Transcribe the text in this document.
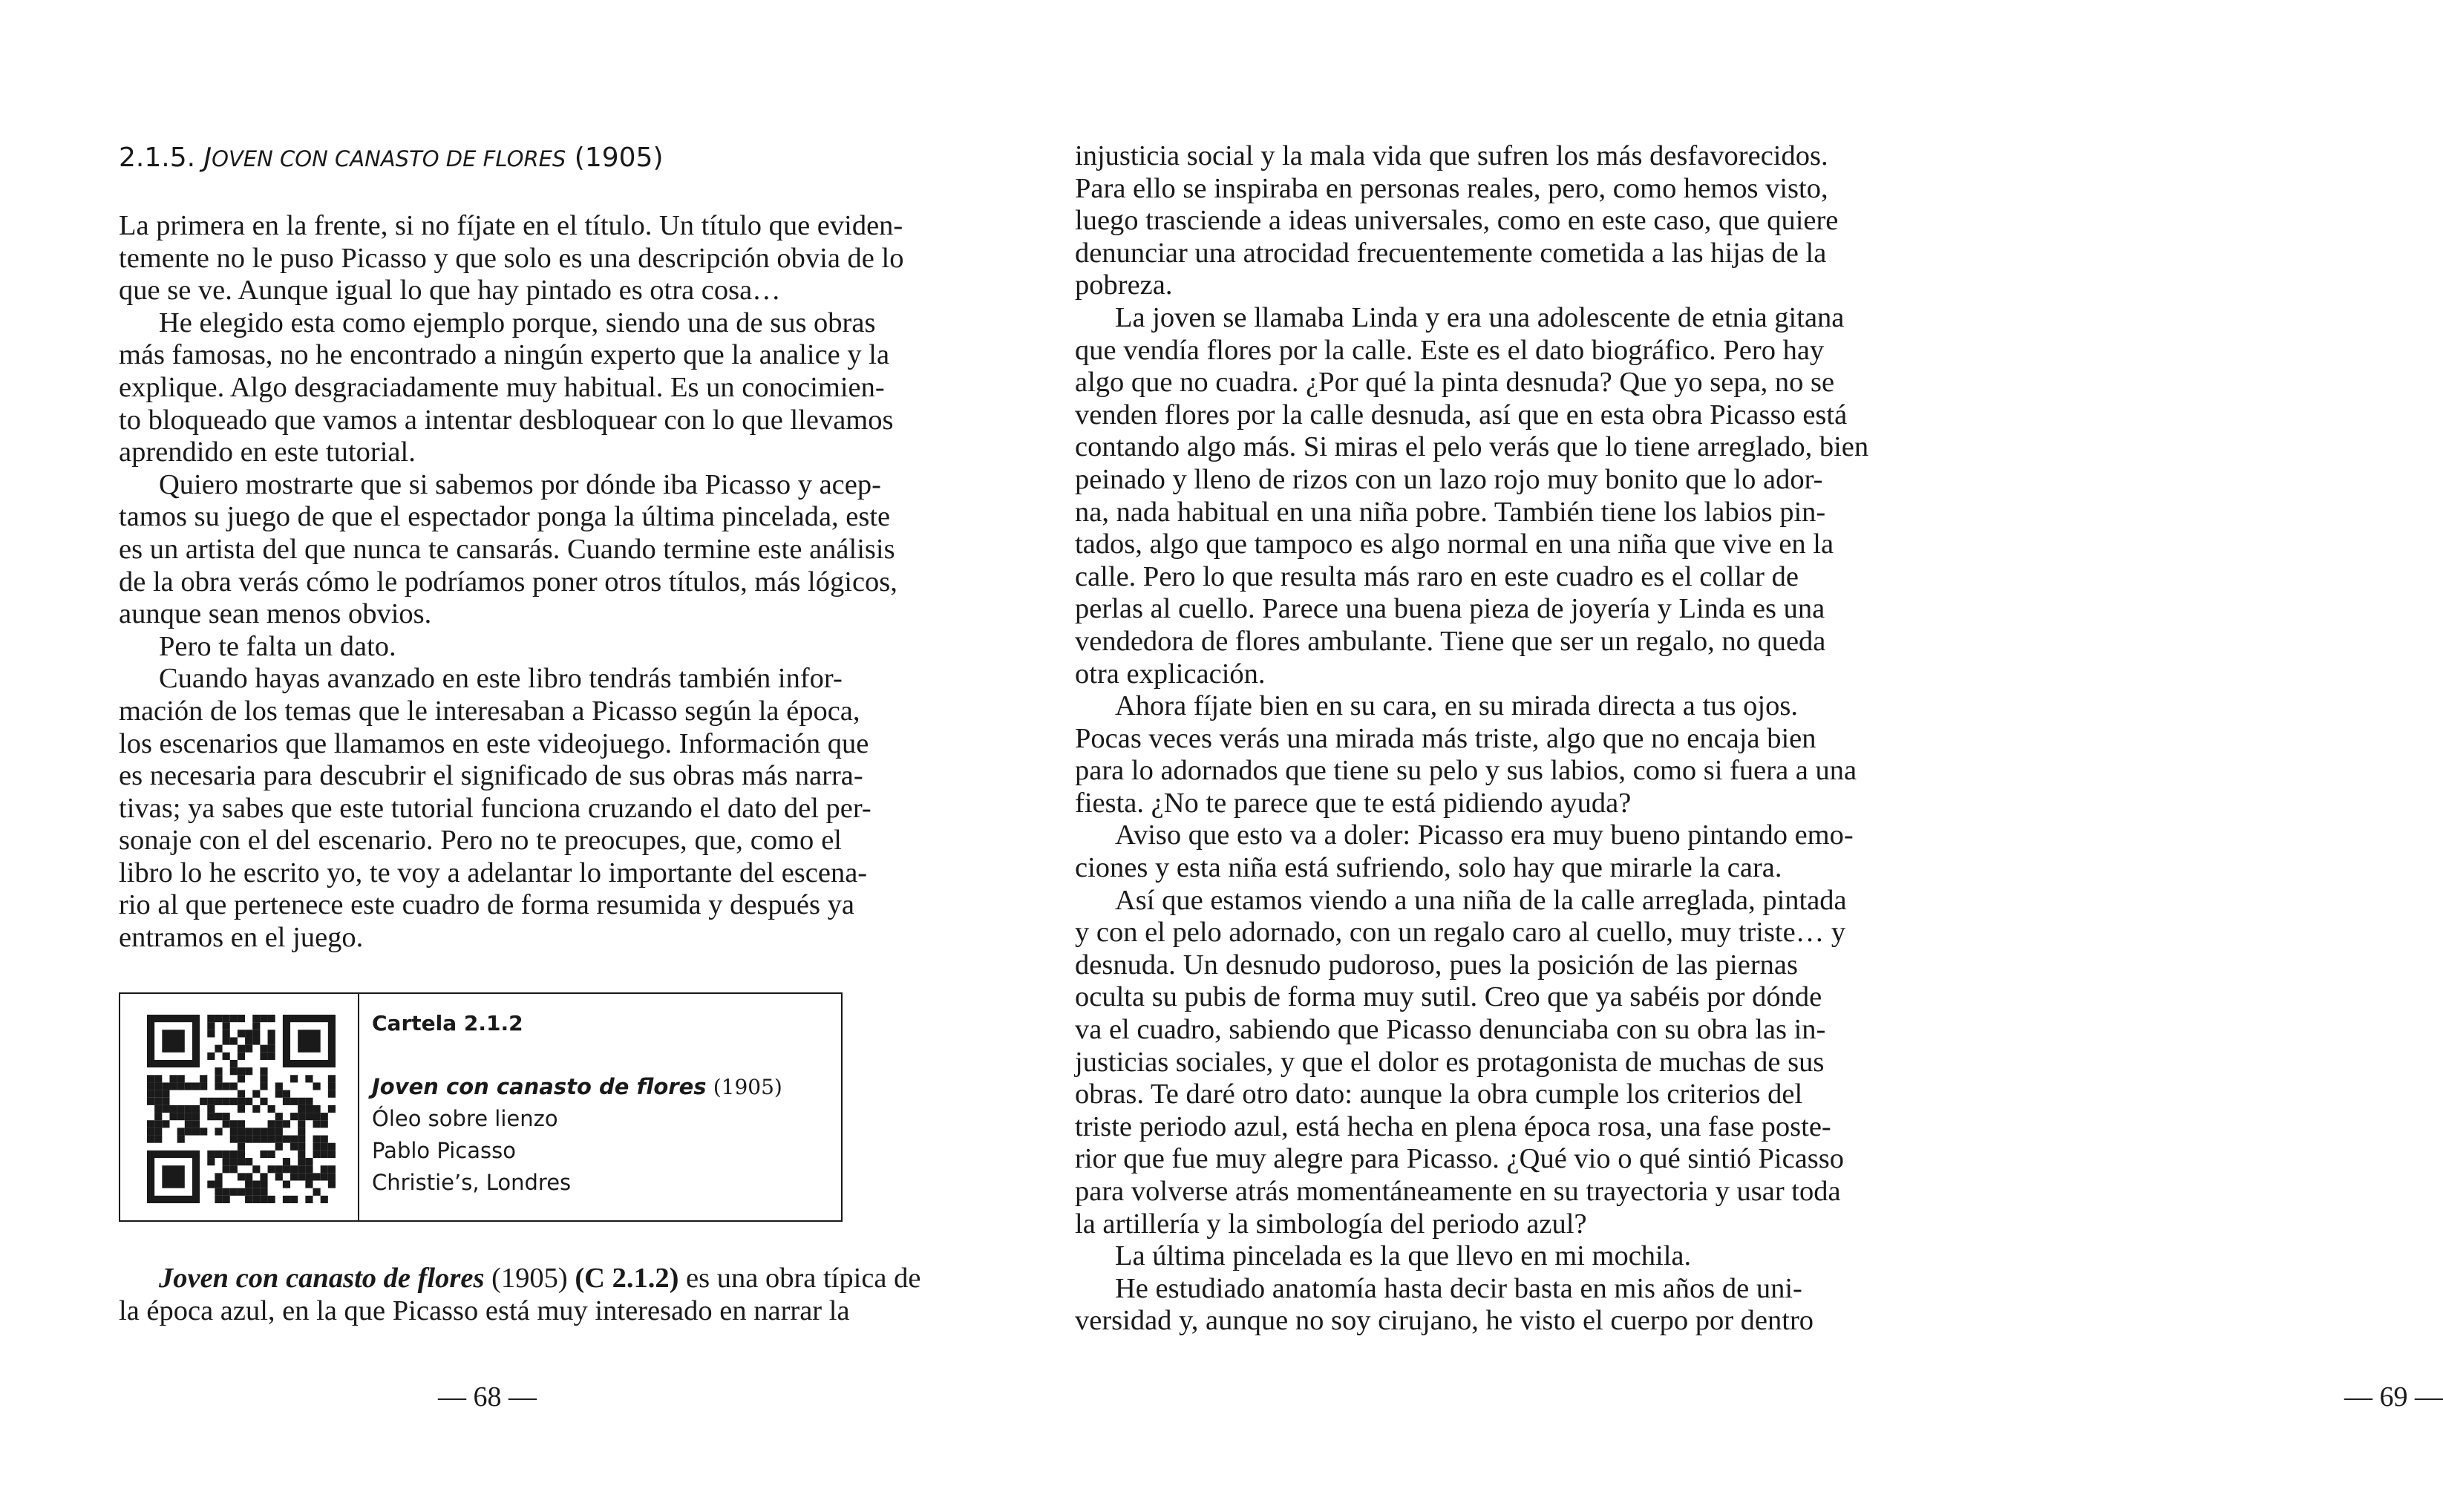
2.1.5. JOVEN CON CANASTO DE FLORES (1905)
La primera en la frente, si no fíjate en el título. Un título que eviden-
temente no le puso Picasso y que solo es una descripción obvia de lo
que se ve. Aunque igual lo que hay pintado es otra cosa…
He elegido esta como ejemplo porque, siendo una de sus obras
más famosas, no he encontrado a ningún experto que la analice y la
explique. Algo desgraciadamente muy habitual. Es un conocimien-
to bloqueado que vamos a intentar desbloquear con lo que llevamos
aprendido en este tutorial.
Quiero mostrarte que si sabemos por dónde iba Picasso y acep-
tamos su juego de que el espectador ponga la última pincelada, este
es un artista del que nunca te cansarás. Cuando termine este análisis
de la obra verás cómo le podríamos poner otros títulos, más lógicos,
aunque sean menos obvios.
Pero te falta un dato.
Cuando hayas avanzado en este libro tendrás también infor-
mación de los temas que le interesaban a Picasso según la época,
los escenarios que llamamos en este videojuego. Información que
es necesaria para descubrir el significado de sus obras más narra-
tivas; ya sabes que este tutorial funciona cruzando el dato del per-
sonaje con el del escenario. Pero no te preocupes, que, como el
libro lo he escrito yo, te voy a adelantar lo importante del escena-
rio al que pertenece este cuadro de forma resumida y después ya
entramos en el juego.
Cartela 2.1.2
Joven con canasto de flores (1905)
Óleo sobre lienzo
Pablo Picasso
Christie’s, Londres
Joven con canasto de flores (1905) (C 2.1.2) es una obra típica de
la época azul, en la que Picasso está muy interesado en narrar la
— 68 —	— 69 —
injusticia social y la mala vida que sufren los más desfavorecidos.
Para ello se inspiraba en personas reales, pero, como hemos visto,
luego trasciende a ideas universales, como en este caso, que quiere
denunciar una atrocidad frecuentemente cometida a las hijas de la
pobreza.
La joven se llamaba Linda y era una adolescente de etnia gitana
que vendía flores por la calle. Este es el dato biográfico. Pero hay
algo que no cuadra. ¿Por qué la pinta desnuda? Que yo sepa, no se
venden flores por la calle desnuda, así que en esta obra Picasso está
contando algo más. Si miras el pelo verás que lo tiene arreglado, bien
peinado y lleno de rizos con un lazo rojo muy bonito que lo ador-
na, nada habitual en una niña pobre. También tiene los labios pin-
tados, algo que tampoco es algo normal en una niña que vive en la
calle. Pero lo que resulta más raro en este cuadro es el collar de
perlas al cuello. Parece una buena pieza de joyería y Linda es una
vendedora de flores ambulante. Tiene que ser un regalo, no queda
otra explicación.
Ahora fíjate bien en su cara, en su mirada directa a tus ojos.
Pocas veces verás una mirada más triste, algo que no encaja bien
para lo adornados que tiene su pelo y sus labios, como si fuera a una
fiesta. ¿No te parece que te está pidiendo ayuda?
Aviso que esto va a doler: Picasso era muy bueno pintando emo-
ciones y esta niña está sufriendo, solo hay que mirarle la cara.
Así que estamos viendo a una niña de la calle arreglada, pintada
y con el pelo adornado, con un regalo caro al cuello, muy triste… y
desnuda. Un desnudo pudoroso, pues la posición de las piernas
oculta su pubis de forma muy sutil. Creo que ya sabéis por dónde
va el cuadro, sabiendo que Picasso denunciaba con su obra las in-
justicias sociales, y que el dolor es protagonista de muchas de sus
obras. Te daré otro dato: aunque la obra cumple los criterios del
triste periodo azul, está hecha en plena época rosa, una fase poste-
rior que fue muy alegre para Picasso. ¿Qué vio o qué sintió Picasso
para volverse atrás momentáneamente en su trayectoria y usar toda
la artillería y la simbología del periodo azul?
La última pincelada es la que llevo en mi mochila.
He estudiado anatomía hasta decir basta en mis años de uni-
versidad y, aunque no soy cirujano, he visto el cuerpo por dentro
